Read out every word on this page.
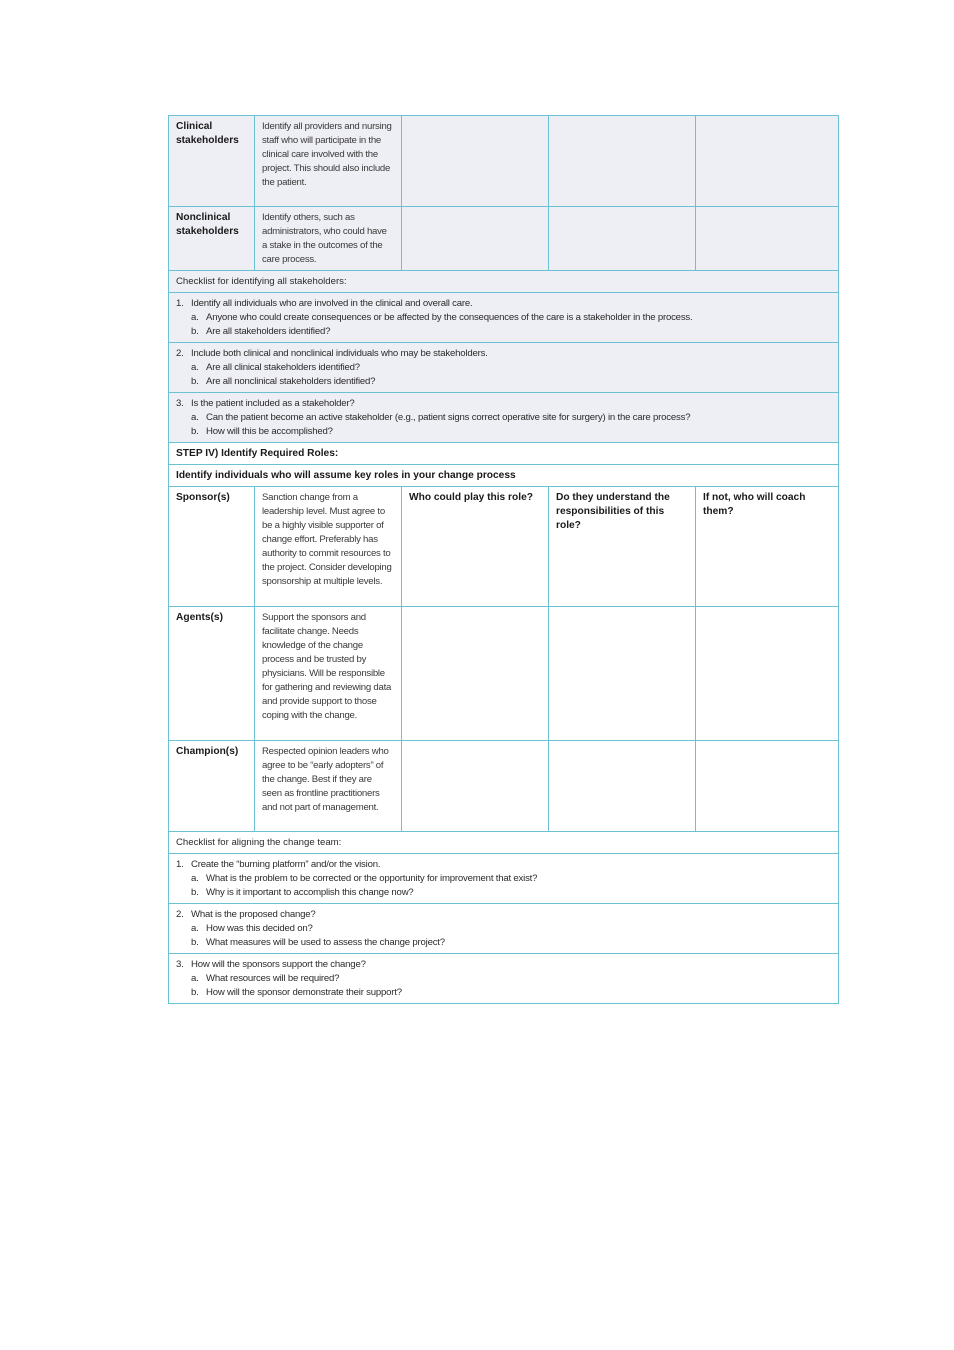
Clinical stakeholders	Identify all providers and nursing staff who will participate in the clinical care involved with the project. This should also include the patient.			
Nonclinical stakeholders	Identify others, such as administrators, who could have a stake in the outcomes of the care process.			
Checklist for identifying all stakeholders:				

1. Identify all individuals who are involved in the clinical and overall care.
a. Anyone who could create consequences or be affected by the consequences of the care is a stakeholder in the process.
b. Are all stakeholders identified?				

2. Include both clinical and nonclinical individuals who may be stakeholders.
a. Are all clinical stakeholders identified?
b. Are all nonclinical stakeholders identified?				

3. Is the patient included as a stakeholder?
a. Can the patient become an active stakeholder (e.g., patient signs correct operative site for surgery) in the care process?
b. How will this be accomplished?				

STEP IV) Identify Required Roles:				
Identify individuals who will assume key roles in your change process				
Sponsor(s)	Sanction change from a leadership level. Must agree to be a highly visible supporter of change effort. Preferably has authority to commit resources to the project. Consider developing sponsorship at multiple levels.	Who could play this role?	Do they understand the responsibilities of this role?	If not, who will coach them?
Agents(s)	Support the sponsors and facilitate change. Needs knowledge of the change process and be trusted by physicians. Will be responsible for gathering and reviewing data and provide support to those coping with the change.			
Champion(s)	Respected opinion leaders who agree to be “early adopters” of the change. Best if they are seen as frontline practitioners and not part of management.			
Checklist for aligning the change team:				

1. Create the “burning platform” and/or the vision.
a. What is the problem to be corrected or the opportunity for improvement that exist?
b. Why is it important to accomplish this change now?				

2. What is the proposed change?
a. How was this decided on?
b. What measures will be used to assess the change project?				

3. How will the sponsors support the change?
a. What resources will be required?
b. How will the sponsor demonstrate their support?				
